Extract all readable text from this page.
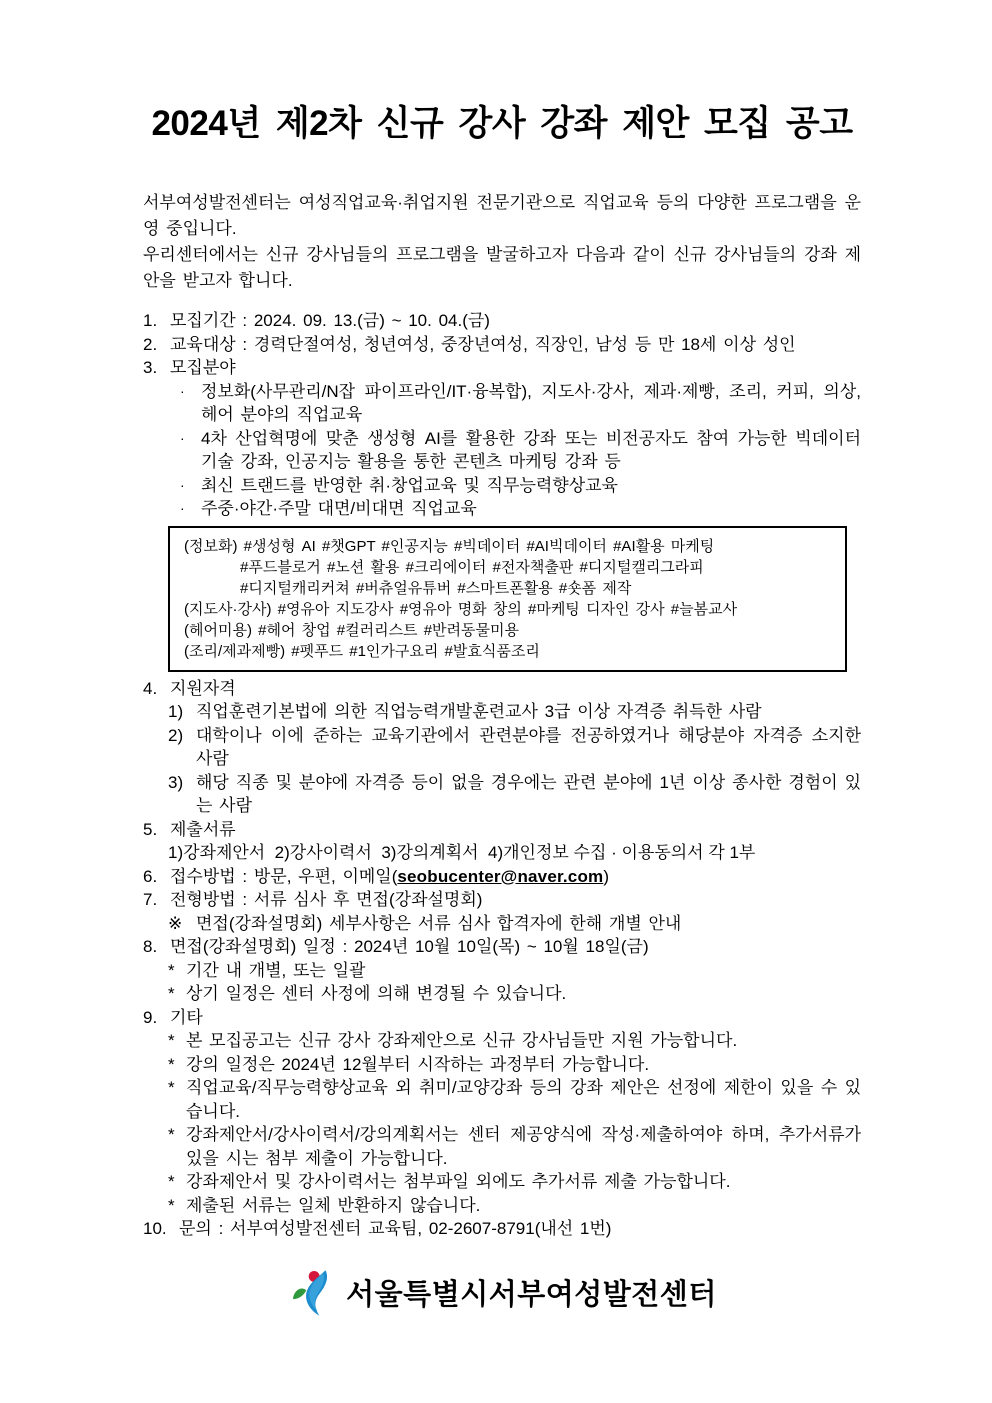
2024년 제2차 신규 강사 강좌 제안 모집 공고

서부여성발전센터는 여성직업교육·취업지원 전문기관으로 직업교육 등의 다양한 프로그램을 운영 중입니다.

우리센터에서는 신규 강사님들의 프로그램을 발굴하고자 다음과 같이 신규 강사님들의 강좌 제안을 받고자 합니다.

1. 모집기간 : 2024. 09. 13.(금) ~ 10. 04.(금)
2. 교육대상 : 경력단절여성, 청년여성, 중장년여성, 직장인, 남성 등 만 18세 이상 성인
3. 모집분야
· 정보화(사무관리/N잡 파이프라인/IT·융복합), 지도사·강사, 제과·제빵, 조리, 커피, 의상, 헤어 분야의 직업교육
· 4차 산업혁명에 맞춘 생성형 AI를 활용한 강좌 또는 비전공자도 참여 가능한 빅데이터 기술 강좌, 인공지능 활용을 통한 콘텐츠 마케팅 강좌 등
· 최신 트랜드를 반영한 취·창업교육 및 직무능력향상교육
· 주중·야간·주말 대면/비대면 직업교육
(정보화) #생성형 AI #챗GPT #인공지능 #빅데이터 #AI빅데이터 #AI활용 마케팅
#푸드블로거 #노션 활용 #크리에이터 #전자책출판 #디지털캘리그라피
#디지털캐리커쳐 #버츄얼유튜버 #스마트폰활용 #숏폼 제작
(지도사·강사) #영유아 지도강사 #영유아 명화 창의 #마케팅 디자인 강사 #늘봄교사
(헤어미용) #헤어 창업 #컬러리스트 #반려동물미용
(조리/제과제빵) #펫푸드 #1인가구요리 #발효식품조리
4. 지원자격
1) 직업훈련기본법에 의한 직업능력개발훈련교사 3급 이상 자격증 취득한 사람
2) 대학이나 이에 준하는 교육기관에서 관련분야를 전공하였거나 해당분야 자격증 소지한 사람
3) 해당 직종 및 분야에 자격증 등이 없을 경우에는 관련 분야에 1년 이상 종사한 경험이 있는 사람
5. 제출서류
1)강좌제안서  2)강사이력서  3)강의계획서  4)개인정보 수집 · 이용동의서 각 1부
6. 접수방법 : 방문, 우편, 이메일(seobucenter@naver.com)
7. 전형방법 : 서류 심사 후 면접(강좌설명회)
※ 면접(강좌설명회) 세부사항은 서류 심사 합격자에 한해 개별 안내
8. 면접(강좌설명회) 일정 : 2024년 10월 10일(목) ~ 10월 18일(금)
* 기간 내 개별, 또는 일괄
* 상기 일정은 센터 사정에 의해 변경될 수 있습니다.
9. 기타
* 본 모집공고는 신규 강사 강좌제안으로 신규 강사님들만 지원 가능합니다.
* 강의 일정은 2024년 12월부터 시작하는 과정부터 가능합니다.
* 직업교육/직무능력향상교육 외 취미/교양강좌 등의 강좌 제안은 선정에 제한이 있을 수 있습니다.
* 강좌제안서/강사이력서/강의계획서는 센터 제공양식에 작성·제출하여야 하며, 추가서류가 있을 시는 첨부 제출이 가능합니다.
* 강좌제안서 및 강사이력서는 첨부파일 외에도 추가서류 제출 가능합니다.
* 제출된 서류는 일체 반환하지 않습니다.
10. 문의 : 서부여성발전센터 교육팀, 02-2607-8791(내선 1번)
서울특별시서부여성발전센터
